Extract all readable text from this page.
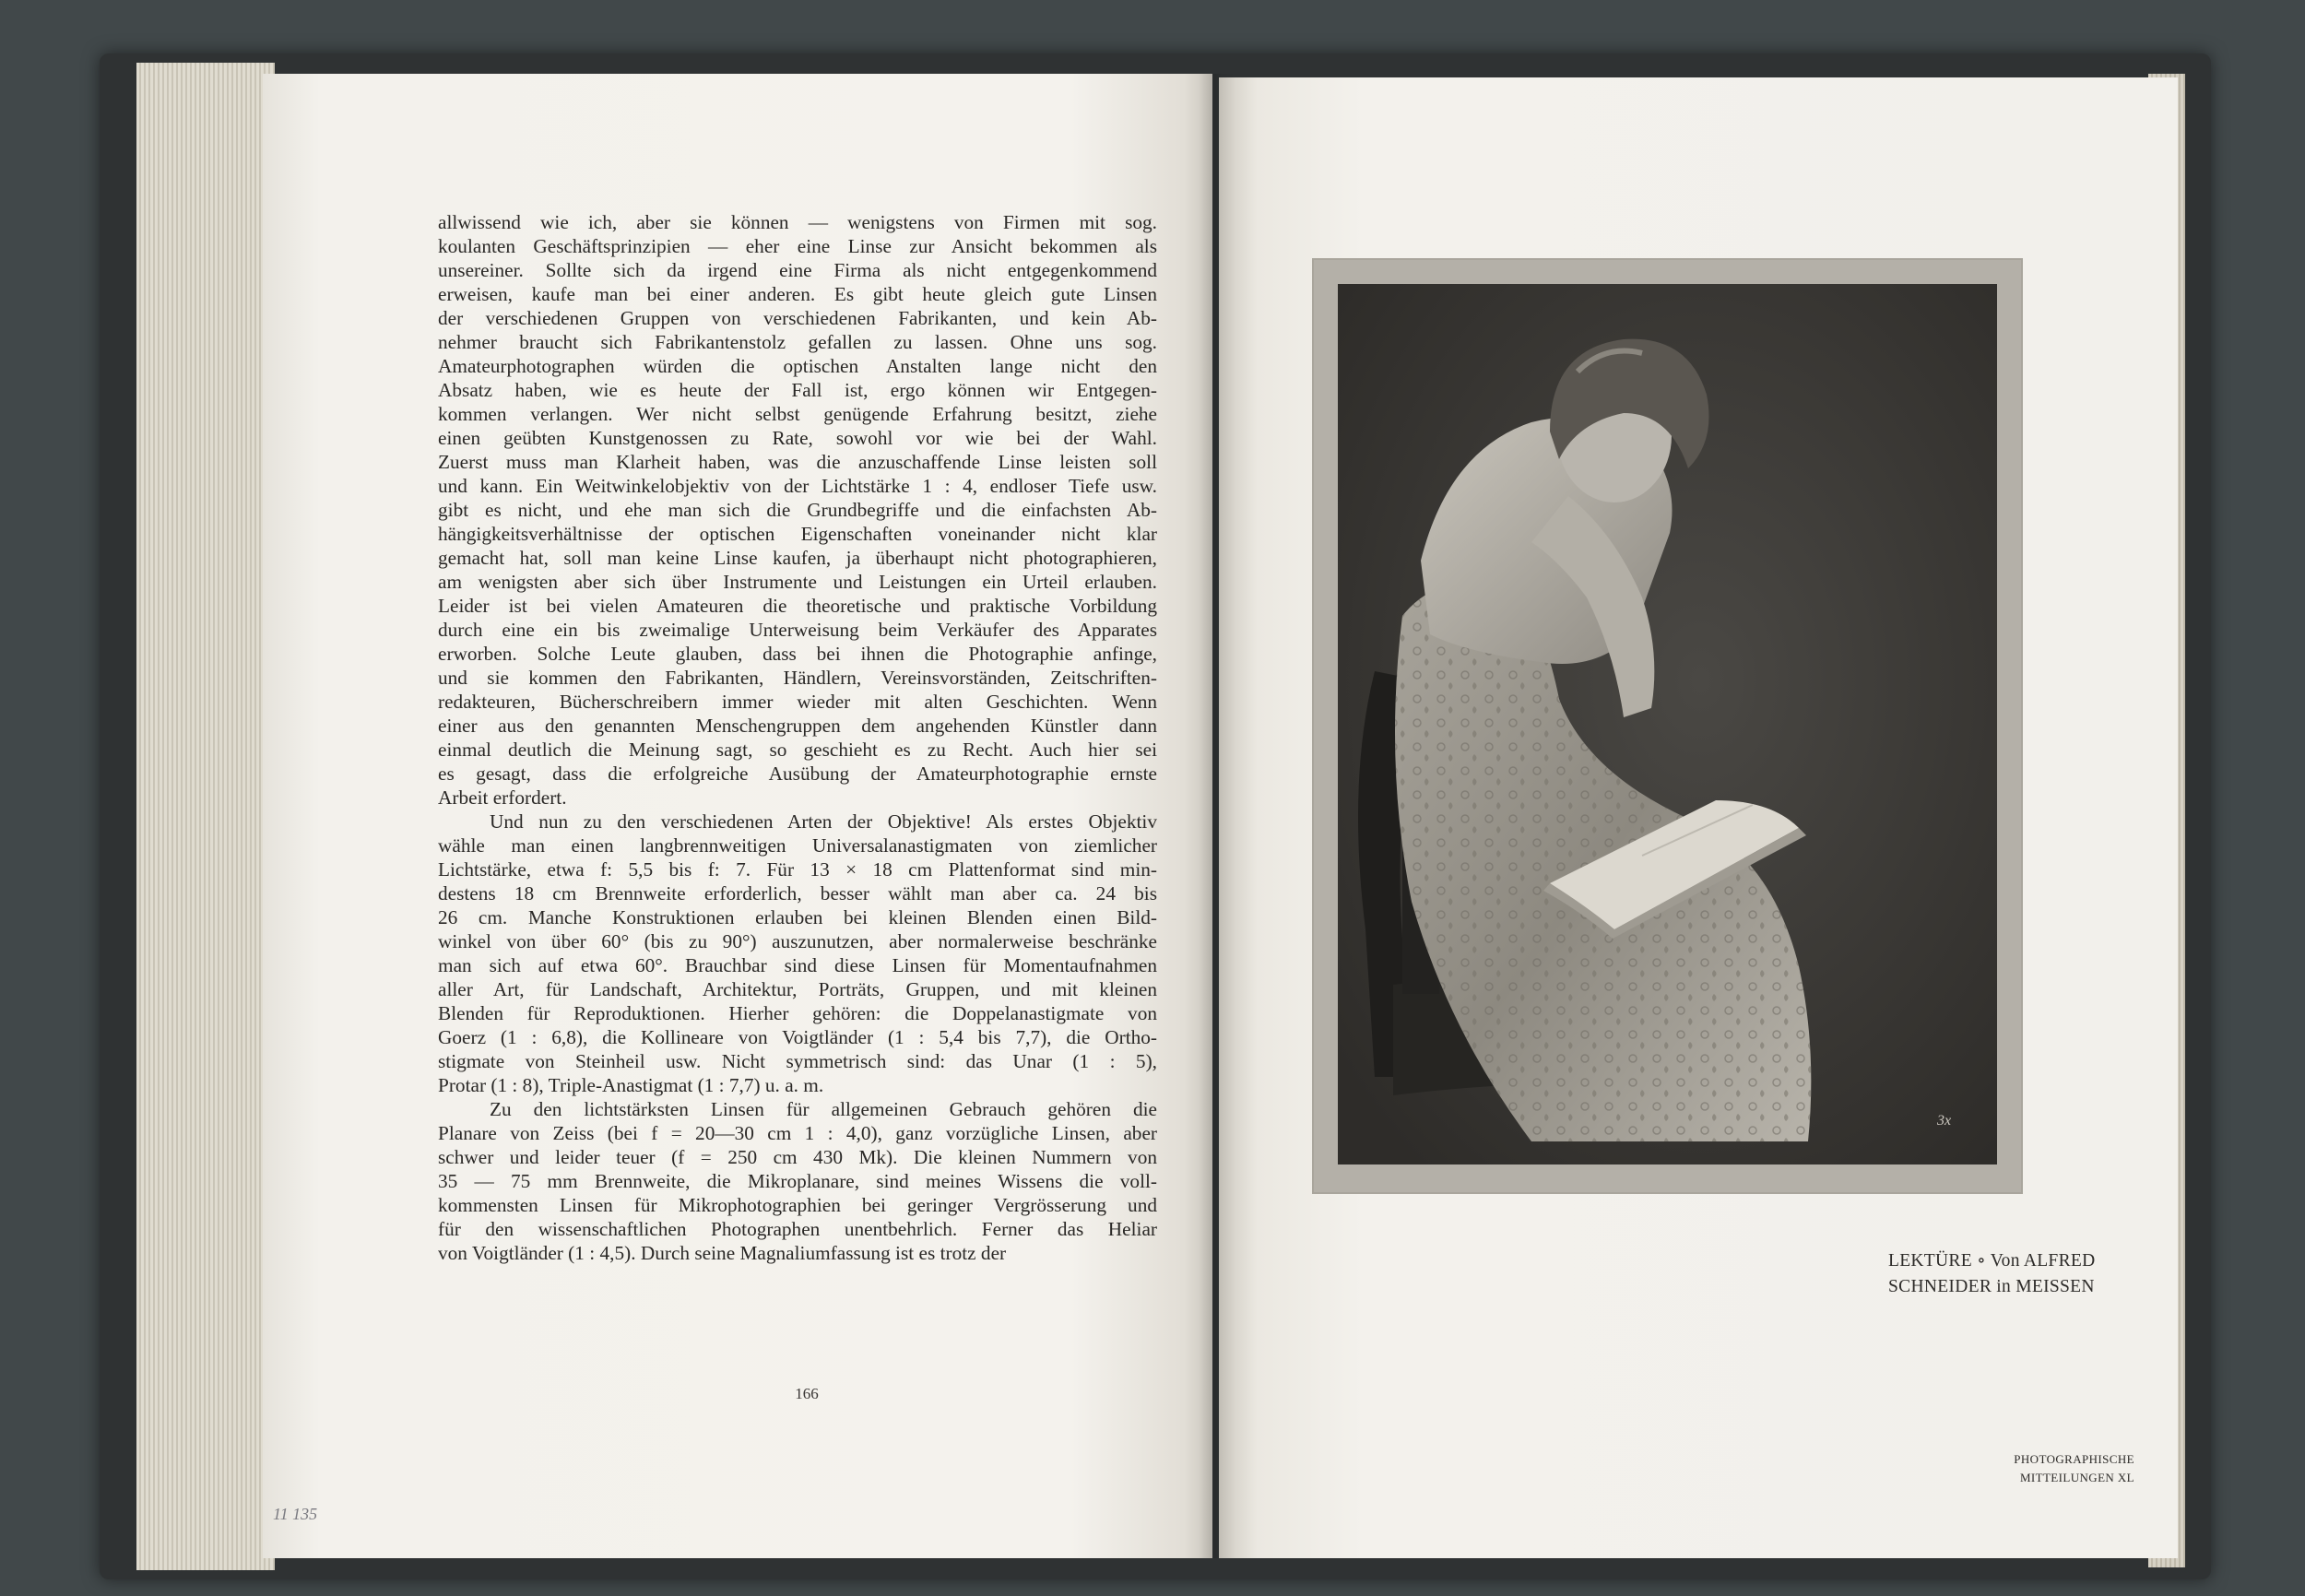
allwissend wie ich, aber sie können — wenigstens von Firmen mit sog.
koulanten Geschäftsprinzipien — eher eine Linse zur Ansicht bekommen als
unsereiner. Sollte sich da irgend eine Firma als nicht entgegenkommend
erweisen, kaufe man bei einer anderen. Es gibt heute gleich gute Linsen
der verschiedenen Gruppen von verschiedenen Fabrikanten, und kein Ab-
nehmer braucht sich Fabrikantenstolz gefallen zu lassen. Ohne uns sog.
Amateurphotographen würden die optischen Anstalten lange nicht den
Absatz haben, wie es heute der Fall ist, ergo können wir Entgegen-
kommen verlangen. Wer nicht selbst genügende Erfahrung besitzt, ziehe
einen geübten Kunstgenossen zu Rate, sowohl vor wie bei der Wahl.
Zuerst muss man Klarheit haben, was die anzuschaffende Linse leisten soll
und kann. Ein Weitwinkelobjektiv von der Lichtstärke 1 : 4, endloser Tiefe usw.
gibt es nicht, und ehe man sich die Grundbegriffe und die einfachsten Ab-
hängigkeitsverhältnisse der optischen Eigenschaften voneinander nicht klar
gemacht hat, soll man keine Linse kaufen, ja überhaupt nicht photographieren,
am wenigsten aber sich über Instrumente und Leistungen ein Urteil erlauben.
Leider ist bei vielen Amateuren die theoretische und praktische Vorbildung
durch eine ein bis zweimalige Unterweisung beim Verkäufer des Apparates
erworben. Solche Leute glauben, dass bei ihnen die Photographie anfinge,
und sie kommen den Fabrikanten, Händlern, Vereinsvorständen, Zeitschriften-
redakteuren, Bücherschreibern immer wieder mit alten Geschichten. Wenn
einer aus den genannten Menschengruppen dem angehenden Künstler dann
einmal deutlich die Meinung sagt, so geschieht es zu Recht. Auch hier sei
es gesagt, dass die erfolgreiche Ausübung der Amateurphotographie ernste
Arbeit erfordert.
Und nun zu den verschiedenen Arten der Objektive! Als erstes Objektiv
wähle man einen langbrennweitigen Universalanastigmaten von ziemlicher
Lichtstärke, etwa f: 5,5 bis f: 7. Für 13 × 18 cm Plattenformat sind min-
destens 18 cm Brennweite erforderlich, besser wählt man aber ca. 24 bis
26 cm. Manche Konstruktionen erlauben bei kleinen Blenden einen Bild-
winkel von über 60° (bis zu 90°) auszunutzen, aber normalerweise beschränke
man sich auf etwa 60°. Brauchbar sind diese Linsen für Momentaufnahmen
aller Art, für Landschaft, Architektur, Porträts, Gruppen, und mit kleinen
Blenden für Reproduktionen. Hierher gehören: die Doppelanastigmate von
Goerz (1 : 6,8), die Kollineare von Voigtländer (1 : 5,4 bis 7,7), die Ortho-
stigmate von Steinheil usw. Nicht symmetrisch sind: das Unar (1 : 5),
Protar (1 : 8), Triple-Anastigmat (1 : 7,7) u. a. m.
Zu den lichtstärksten Linsen für allgemeinen Gebrauch gehören die
Planare von Zeiss (bei f = 20—30 cm 1 : 4,0), ganz vorzügliche Linsen, aber
schwer und leider teuer (f = 250 cm 430 Mk). Die kleinen Nummern von
35 — 75 mm Brennweite, die Mikroplanare, sind meines Wissens die voll-
kommensten Linsen für Mikrophotographien bei geringer Vergrösserung und
für den wissenschaftlichen Photographen unentbehrlich. Ferner das Heliar
von Voigtländer (1 : 4,5). Durch seine Magnaliumfassung ist es trotz der
166
11 135
3x
LEKTÜRE ∘ Von ALFRED
SCHNEIDER in MEISSEN
PHOTOGRAPHISCHE
MITTEILUNGEN XL
